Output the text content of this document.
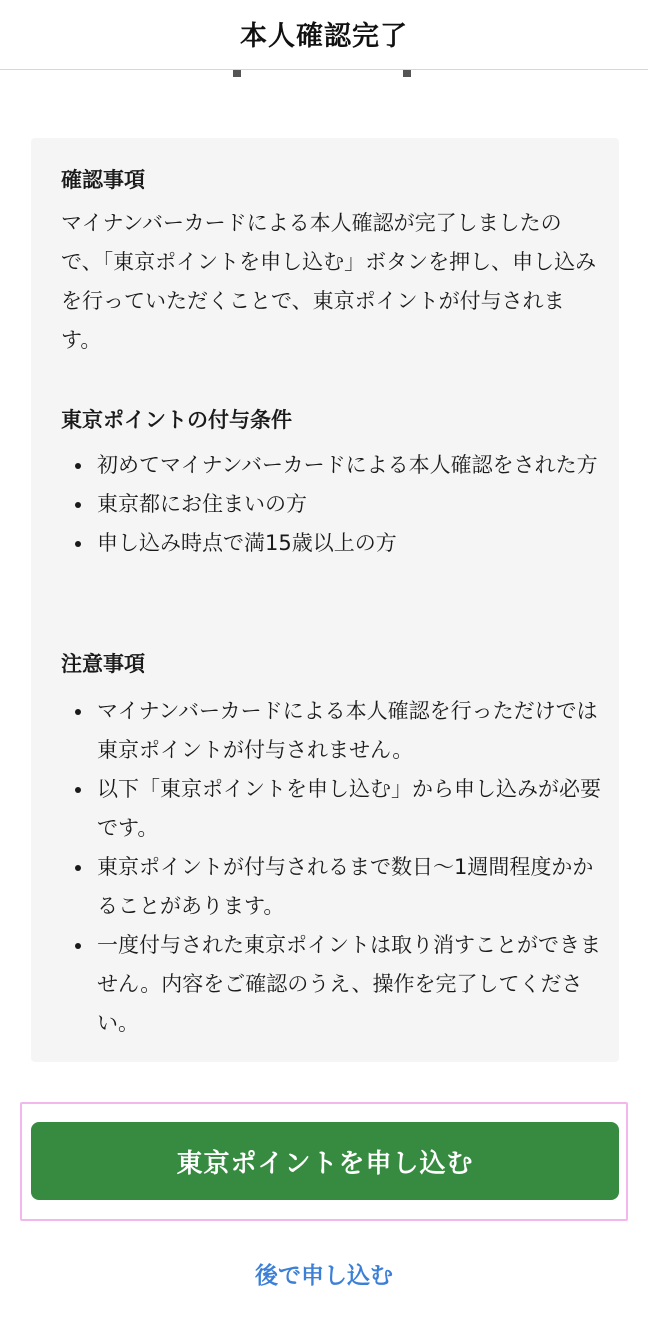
本人確認完了
確認事項

マイナンバーカードによる本人確認が完了しましたので、「東京ポイントを申し込む」ボタンを押し、申し込みを行っていただくことで、東京ポイントが付与されます。

東京ポイントの付与条件
初めてマイナンバーカードによる本人確認をされた方
東京都にお住まいの方
申し込み時点で満15歳以上の方
注意事項
マイナンバーカードによる本人確認を行っただけでは東京ポイントが付与されません。
以下「東京ポイントを申し込む」から申し込みが必要です。
東京ポイントが付与されるまで数日〜1週間程度かかることがあります。
一度付与された東京ポイントは取り消すことができません。内容をご確認のうえ、操作を完了してください。
東京ポイントを申し込む
後で申し込む
